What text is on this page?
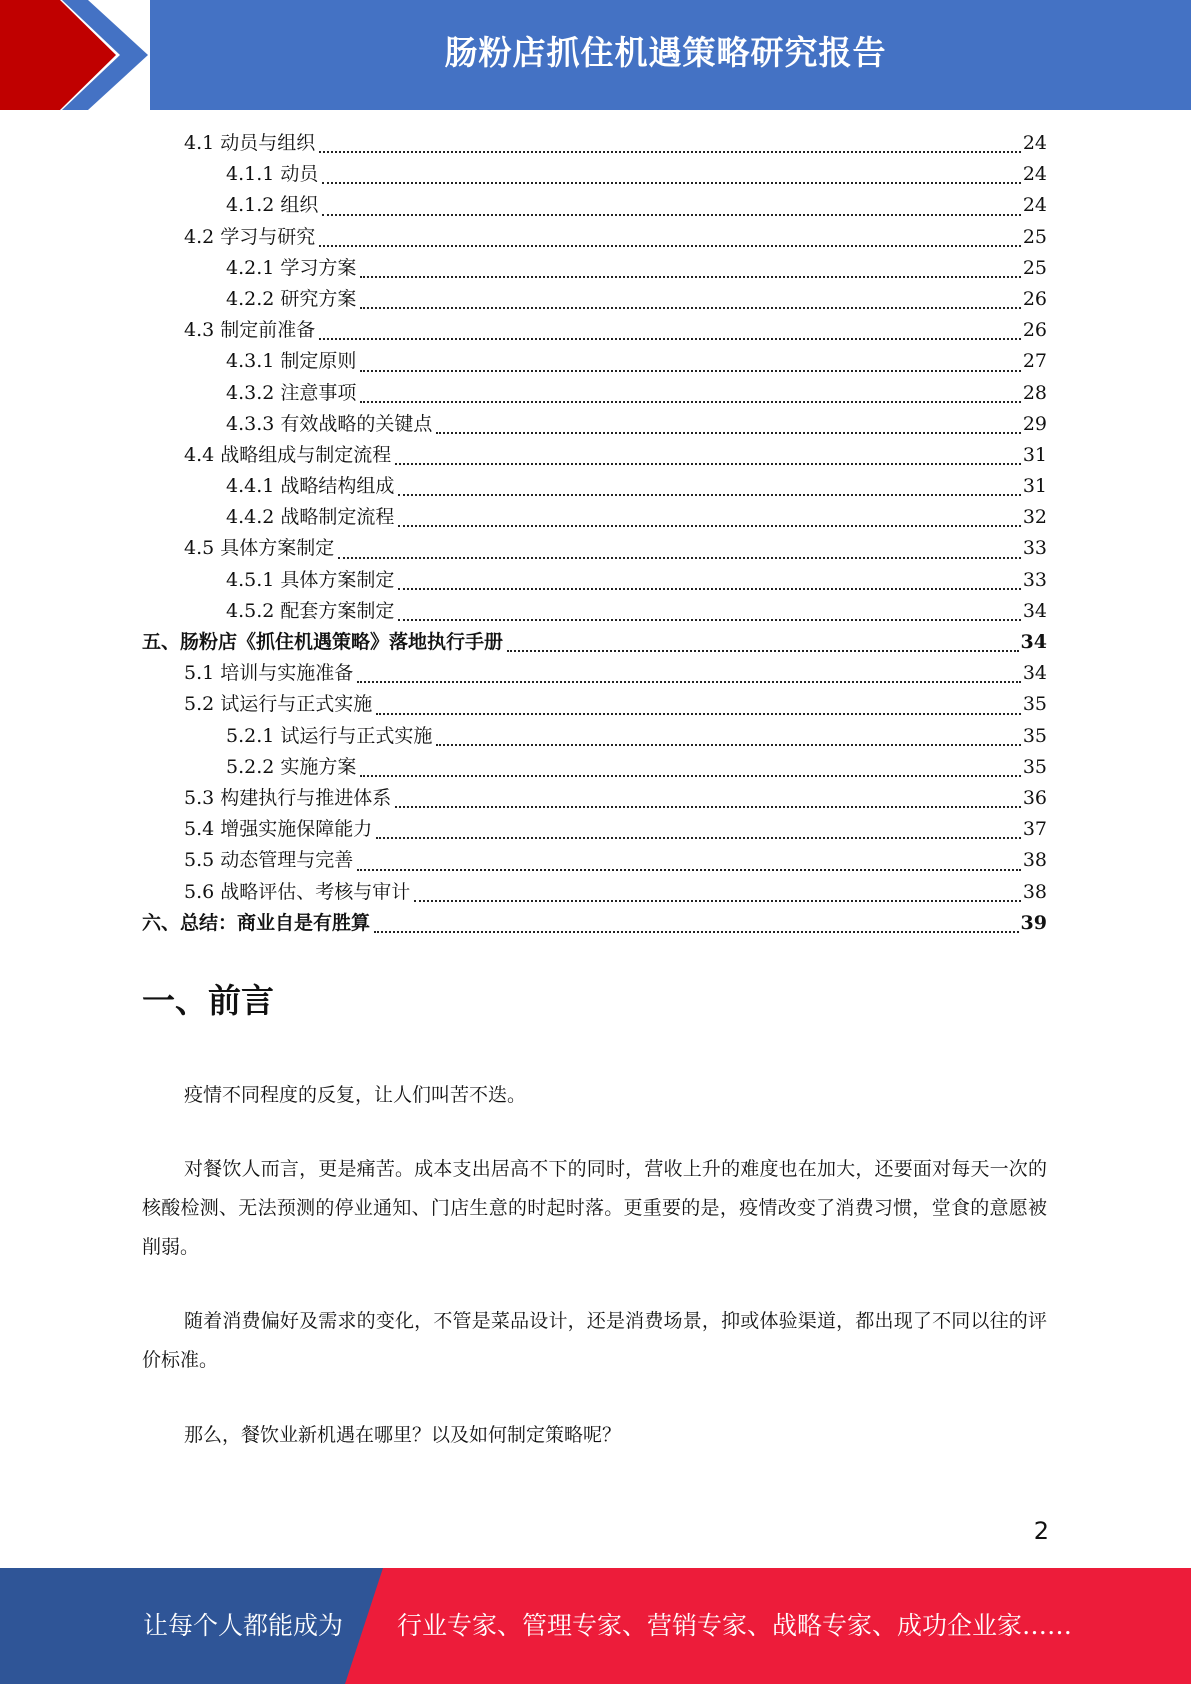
肠粉店抓住机遇策略研究报告
4.1 动员与组织	24
4.1.1 动员	24
4.1.2 组织	24
4.2 学习与研究	25
4.2.1 学习方案	25
4.2.2 研究方案	26
4.3 制定前准备	26
4.3.1 制定原则	27
4.3.2 注意事项	28
4.3.3 有效战略的关键点	29
4.4 战略组成与制定流程	31
4.4.1 战略结构组成	31
4.4.2 战略制定流程	32
4.5 具体方案制定	33
4.5.1 具体方案制定	33
4.5.2 配套方案制定	34
五、肠粉店《抓住机遇策略》落地执行手册	34
5.1 培训与实施准备	34
5.2 试运行与正式实施	35
5.2.1 试运行与正式实施	35
5.2.2 实施方案	35
5.3 构建执行与推进体系	36
5.4 增强实施保障能力	37
5.5 动态管理与完善	38
5.6 战略评估、考核与审计	38
六、总结：商业自是有胜算	39
一、前言

疫情不同程度的反复，让人们叫苦不迭。

对餐饮人而言，更是痛苦。成本支出居高不下的同时，营收上升的难度也在加大，还要面对每天一次的核酸检测、无法预测的停业通知、门店生意的时起时落。更重要的是，疫情改变了消费习惯，堂食的意愿被削弱。

随着消费偏好及需求的变化，不管是菜品设计，还是消费场景，抑或体验渠道，都出现了不同以往的评价标准。

那么，餐饮业新机遇在哪里？以及如何制定策略呢？

2
让每个人都能成为 行业专家、管理专家、营销专家、战略专家、成功企业家……
